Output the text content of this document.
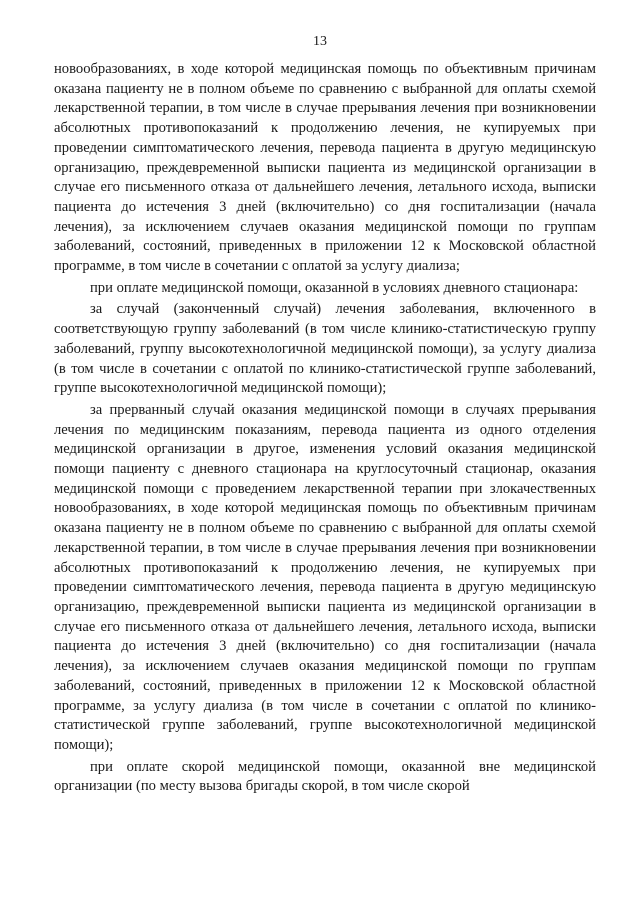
13

новообразованиях, в ходе которой медицинская помощь по объективным причинам оказана пациенту не в полном объеме по сравнению с выбранной для оплаты схемой лекарственной терапии, в том числе в случае прерывания лечения при возникновении абсолютных противопоказаний к продолжению лечения, не купируемых при проведении симптоматического лечения, перевода пациента в другую медицинскую организацию, преждевременной выписки пациента из медицинской организации в случае его письменного отказа от дальнейшего лечения, летального исхода, выписки пациента до истечения 3 дней (включительно) со дня госпитализации (начала лечения), за исключением случаев оказания медицинской помощи по группам заболеваний, состояний, приведенных в приложении 12 к Московской областной программе, в том числе в сочетании с оплатой за услугу диализа;

при оплате медицинской помощи, оказанной в условиях дневного стационара:

за случай (законченный случай) лечения заболевания, включенного в соответствующую группу заболеваний (в том числе клинико-статистическую группу заболеваний, группу высокотехнологичной медицинской помощи), за услугу диализа (в том числе в сочетании с оплатой по клинико-статистической группе заболеваний, группе высокотехнологичной медицинской помощи);

за прерванный случай оказания медицинской помощи в случаях прерывания лечения по медицинским показаниям, перевода пациента из одного отделения медицинской организации в другое, изменения условий оказания медицинской помощи пациенту с дневного стационара на круглосуточный стационар, оказания медицинской помощи с проведением лекарственной терапии при злокачественных новообразованиях, в ходе которой медицинская помощь по объективным причинам оказана пациенту не в полном объеме по сравнению с выбранной для оплаты схемой лекарственной терапии, в том числе в случае прерывания лечения при возникновении абсолютных противопоказаний к продолжению лечения, не купируемых при проведении симптоматического лечения, перевода пациента в другую медицинскую организацию, преждевременной выписки пациента из медицинской организации в случае его письменного отказа от дальнейшего лечения, летального исхода, выписки пациента до истечения 3 дней (включительно) со дня госпитализации (начала лечения), за исключением случаев оказания медицинской помощи по группам заболеваний, состояний, приведенных в приложении 12 к Московской областной программе, за услугу диализа (в том числе в сочетании с оплатой по клинико-статистической группе заболеваний, группе высокотехнологичной медицинской помощи);

при оплате скорой медицинской помощи, оказанной вне медицинской организации (по месту вызова бригады скорой, в том числе скорой
